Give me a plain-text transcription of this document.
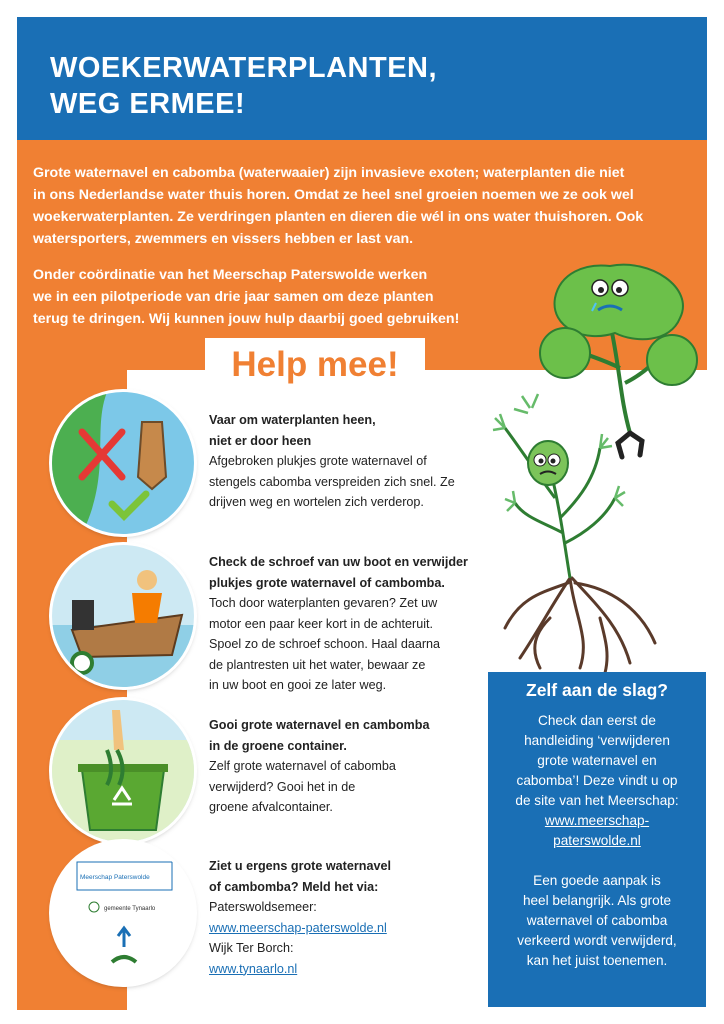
WOEKERWATERPLANTEN,
WEG ERMEE!
Grote waternavel en cabomba (waterwaaier) zijn invasieve exoten; waterplanten die niet
in ons Nederlandse water thuis horen. Omdat ze heel snel groeien noemen we ze ook wel
woekerwaterplanten. Ze verdringen planten en dieren die wél in ons water thuishoren. Ook
watersporters, zwemmers en vissers hebben er last van.
Onder coördinatie van het Meerschap Paterswolde werken
we in een pilotperiode van drie jaar samen om deze planten
terug te dringen. Wij kunnen jouw hulp daarbij goed gebruiken!
Help mee!
Vaar om waterplanten heen,
niet er door heen
Afgebroken plukjes grote waternavel of
stengels cabomba verspreiden zich snel. Ze
drijven weg en wortelen zich verderop.
Check de schroef van uw boot en verwijder
plukjes grote waternavel of cambomba.
Toch door waterplanten gevaren? Zet uw
motor een paar keer kort in de achteruit.
Spoel zo de schroef schoon. Haal daarna
de plantresten uit het water, bewaar ze
in uw boot en gooi ze later weg.
Gooi grote waternavel en cambomba
in de groene container.
Zelf grote waternavel of cabomba
verwijderd? Gooi het in de
groene afvalcontainer.
Meerschap Paterswolde
gemeente Tynaarlo
Ziet u ergens grote waternavel
of cambomba? Meld het via:
Paterswoldsemeer:
www.meerschap-paterswolde.nl
Wijk Ter Borch:
www.tynaarlo.nl
Zelf aan de slag?
Check dan eerst de
handleiding ‘verwijderen
grote waternavel en
cabomba’! Deze vindt u op
de site van het Meerschap:
www.meerschap-
paterswolde.nl
Een goede aanpak is
heel belangrijk. Als grote
waternavel of cabomba
verkeerd wordt verwijderd,
kan het juist toenemen.
